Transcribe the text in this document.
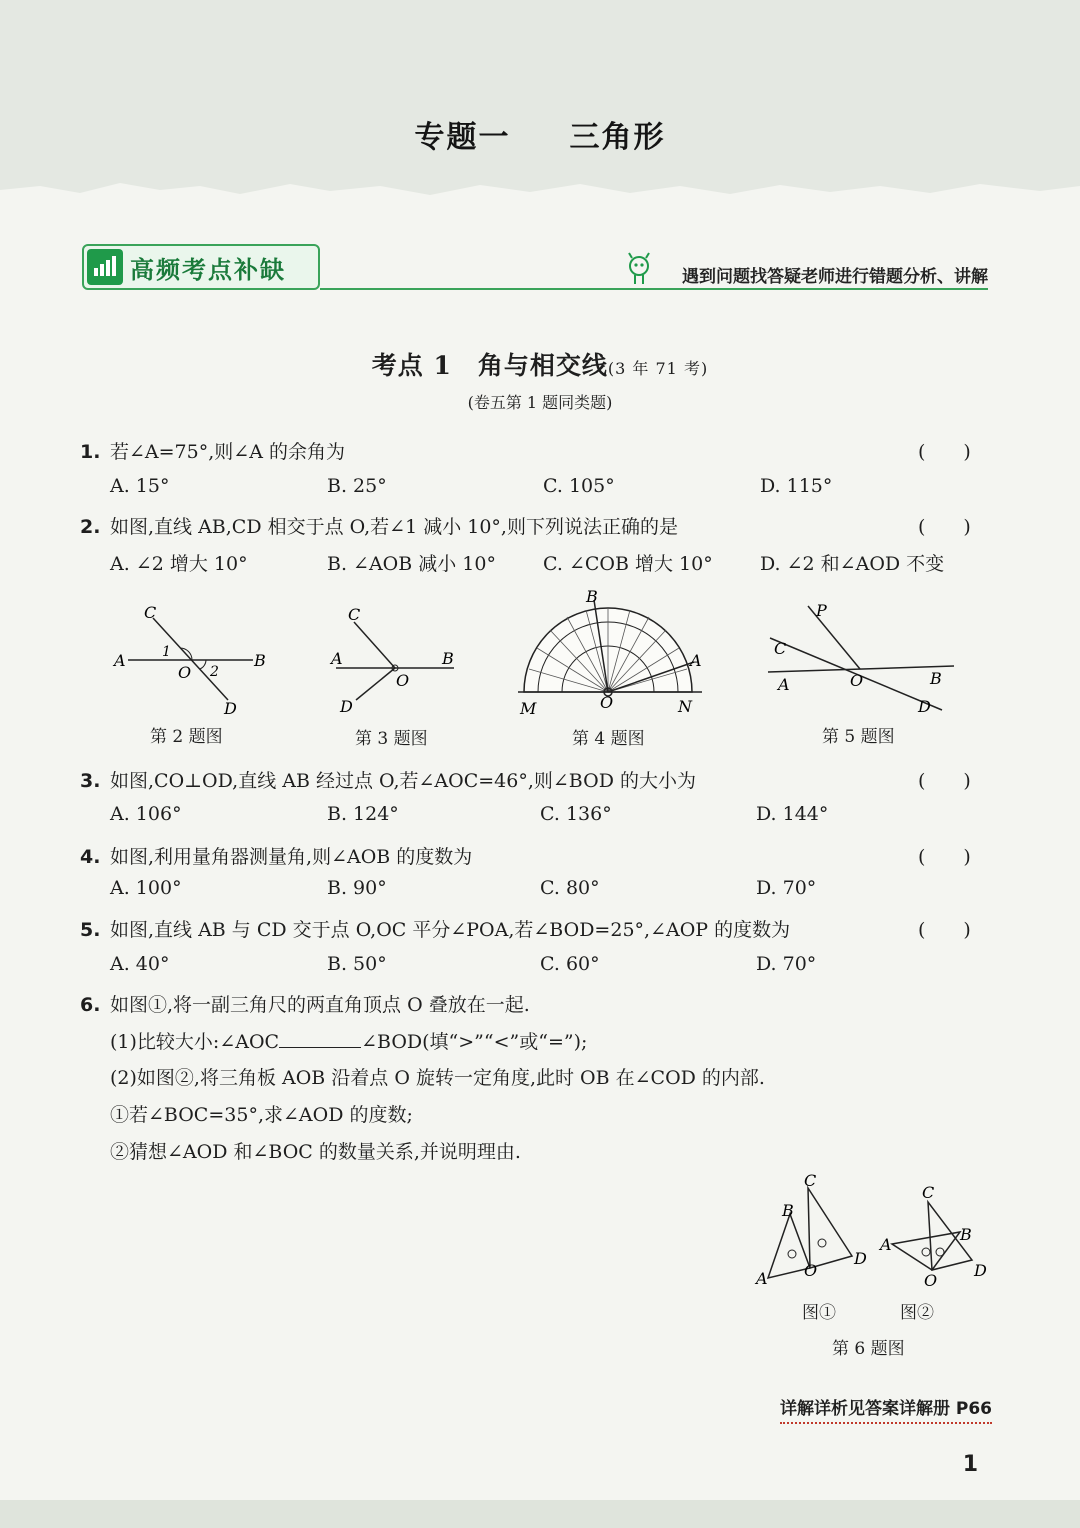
专题一 三角形
高频考点补缺	遇到问题找答疑老师进行错题分析、讲解
考点 1　角与相交线(3 年 71 考)
(卷五第 1 题同类题)
1. 若∠A=75°,则∠A 的余角为	(　　)
A. 15°	B. 25°	C. 105°	D. 115°
2. 如图,直线 AB,CD 相交于点 O,若∠1 减小 10°,则下列说法正确的是	(　　)
A. ∠2 增大 10°	B. ∠AOB 减小 10° C. ∠COB 增大 10° D. ∠2 和∠AOD 不变
C
A	1
O 2
B
D
第 2 题图
C
A	B
O
D
第 3 题图
B
A
O
M	N
第 4 题图
P
C
A	O	B
D
第 5 题图
3. 如图,CO⊥OD,直线 AB 经过点 O,若∠AOC=46°,则∠BOD 的大小为	(　　)
A. 106°	B. 124°	C. 136°	D. 144°
4. 如图,利用量角器测量角,则∠AOB 的度数为	(　　)
A. 100°	B. 90°	C. 80°	D. 70°
5. 如图,直线 AB 与 CD 交于点 O,OC 平分∠POA,若∠BOD=25°,∠AOP 的度数为	(　　)
A. 40°	B. 50°	C. 60°	D. 70°
6. 如图①,将一副三角尺的两直角顶点 O 叠放在一起.
(1)比较大小:∠AOC	∠BOD(填“>”“<”或“=”);
(2)如图②,将三角板 AOB 沿着点 O 旋转一定角度,此时 OB 在∠COD 的内部.
①若∠BOC=35°,求∠AOD 的度数;
②猜想∠AOD 和∠BOC 的数量关系,并说明理由.
C
B
O
D
A
C
B
A
O
D
图①	图②
第 6 题图
详解详析见答案详解册 P66
1
